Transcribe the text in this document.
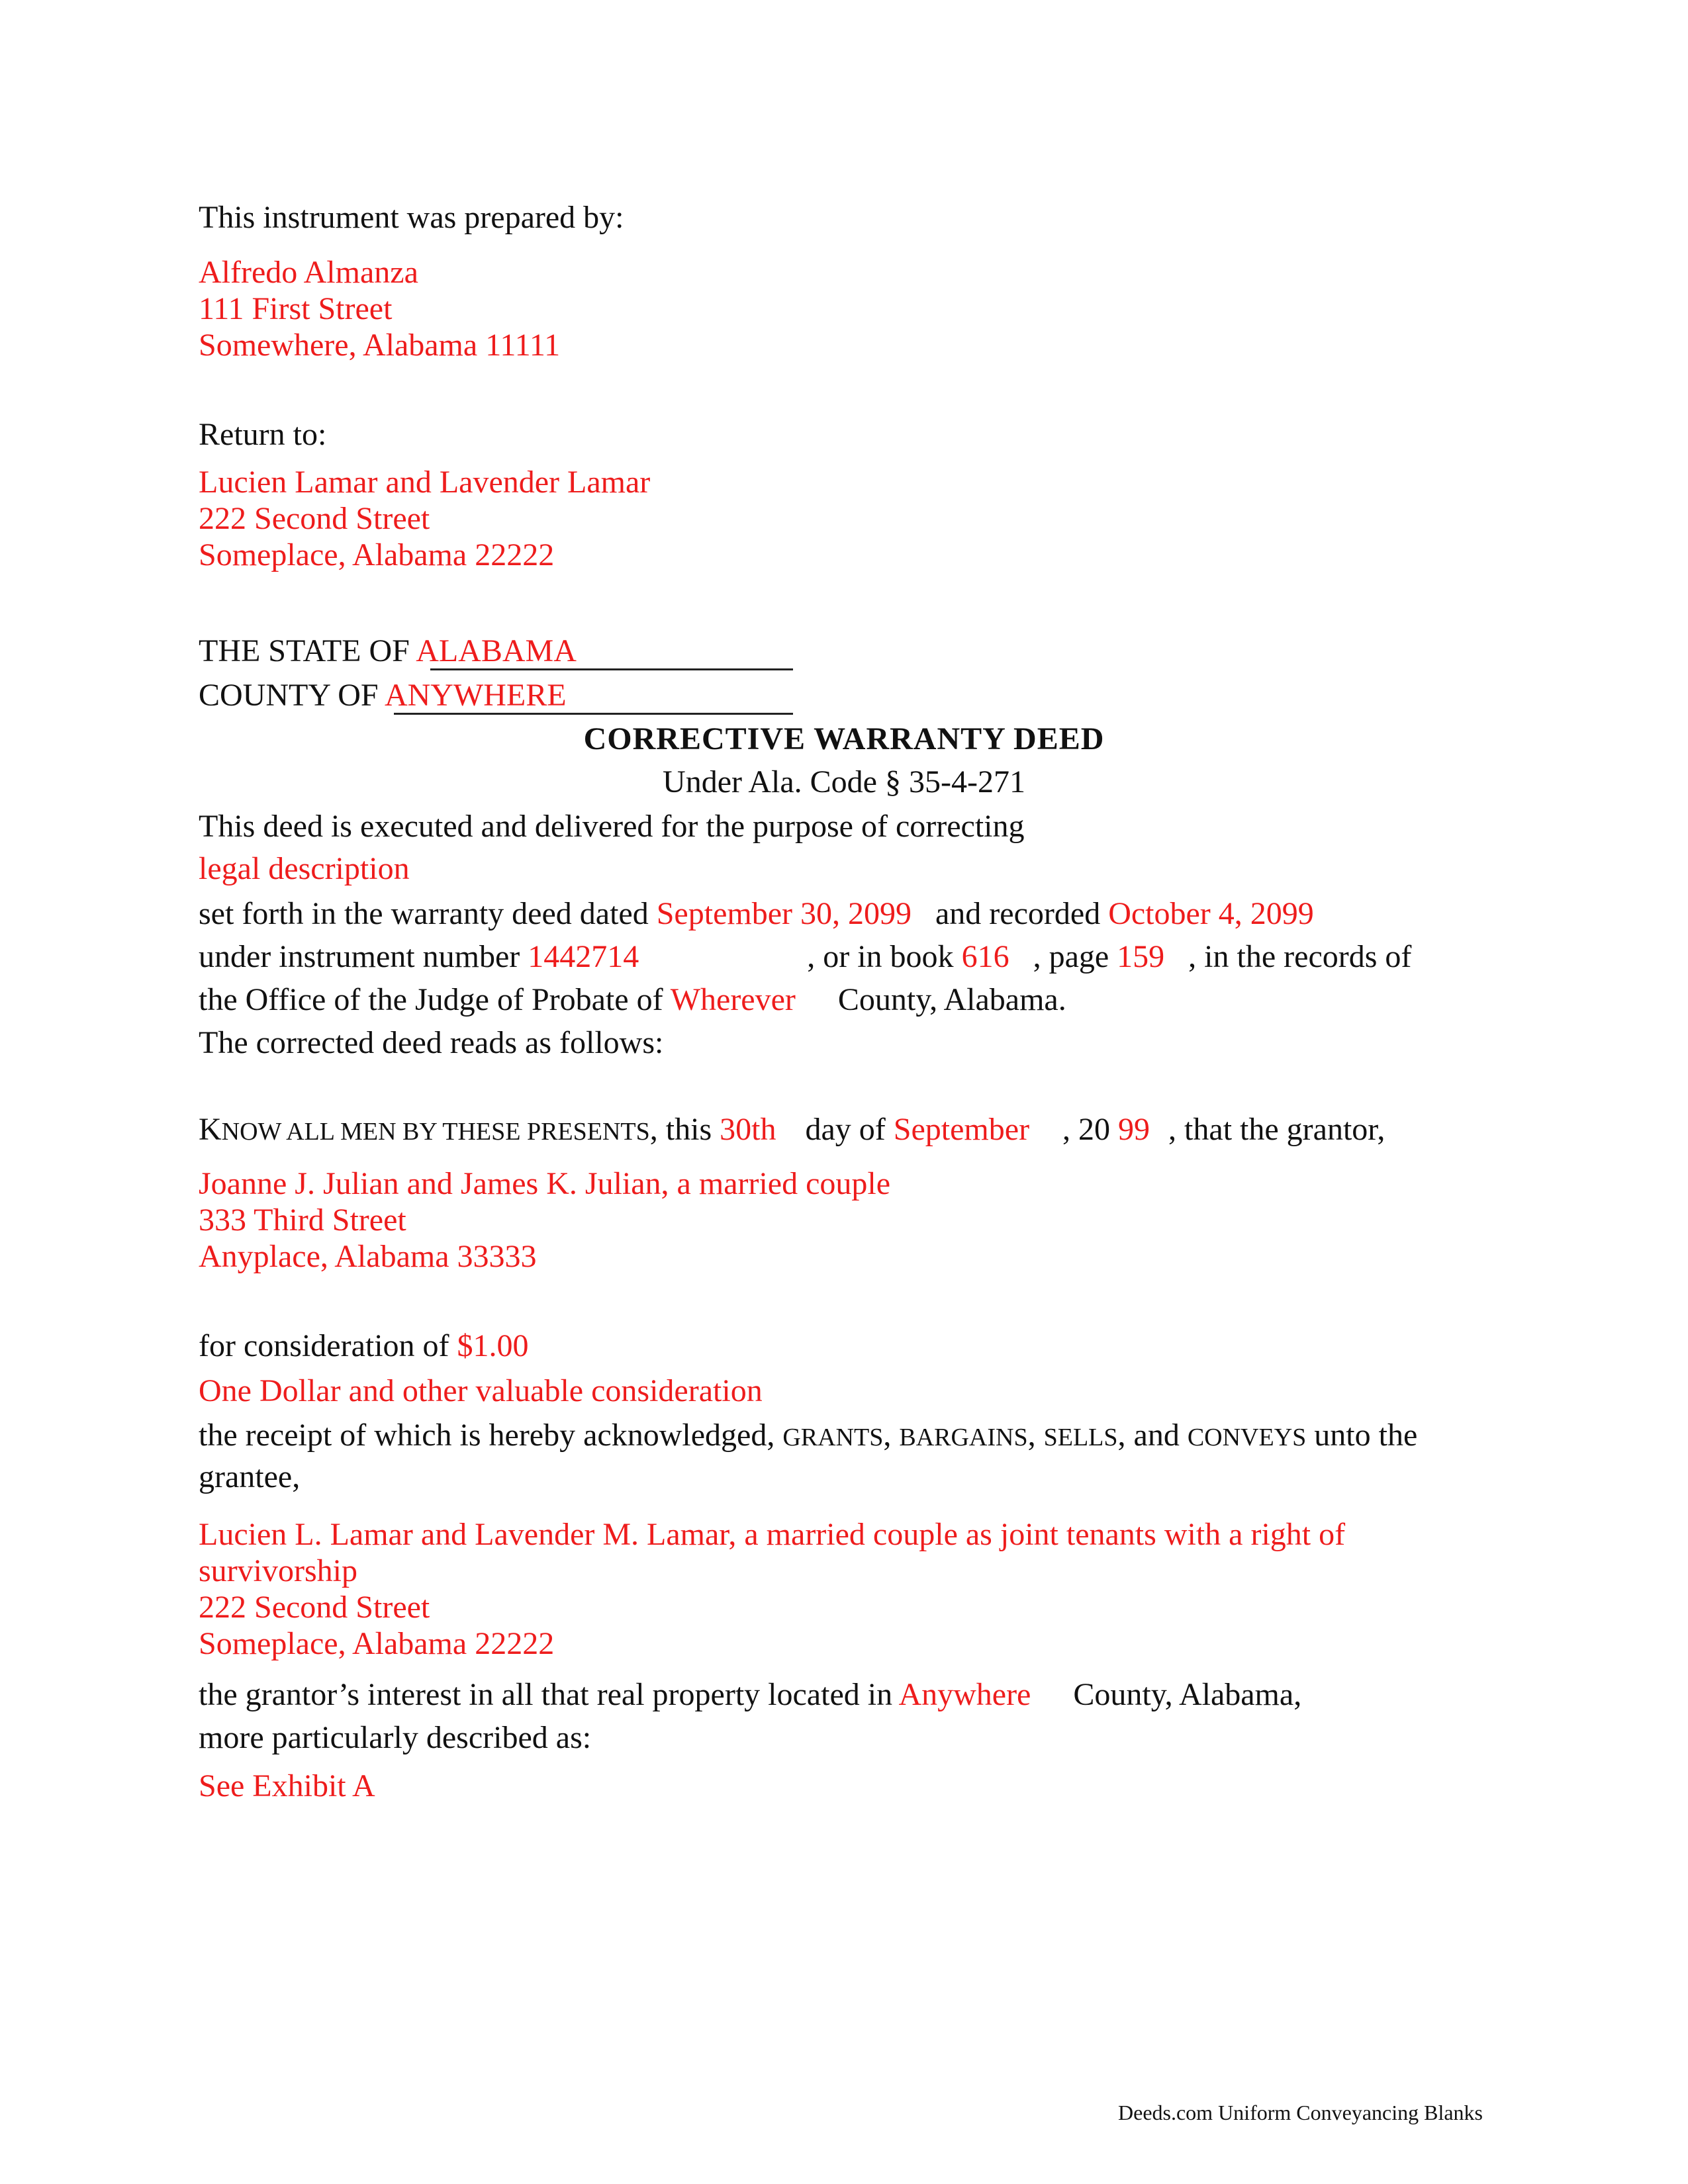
This instrument was prepared by:
Alfredo Almanza
111 First Street
Somewhere, Alabama 11111
Return to:
Lucien Lamar and Lavender Lamar
222 Second Street
Someplace, Alabama 22222
THE STATE OF ALABAMA
COUNTY OF ANYWHERE
CORRECTIVE WARRANTY DEED
Under Ala. Code § 35-4-271
This deed is executed and delivered for the purpose of correcting
legal description
set forth in the warranty deed dated September 30, 2099 and recorded October 4, 2099
under instrument number 1442714	, or in book 616 , page 159 , in the records of
the Office of the Judge of Probate of Wherever County, Alabama.
The corrected deed reads as follows:
KNOW ALL MEN BY THESE PRESENTS, this 30th day of September , 20 99 , that the grantor,
Joanne J. Julian and James K. Julian, a married couple
333 Third Street
Anyplace, Alabama 33333
for consideration of $1.00
One Dollar and other valuable consideration
the receipt of which is hereby acknowledged, GRANTS, BARGAINS, SELLS, and CONVEYS unto the
grantee,
Lucien L. Lamar and Lavender M. Lamar, a married couple as joint tenants with a right of
survivorship
222 Second Street
Someplace, Alabama 22222
the grantor’s interest in all that real property located in Anywhere County, Alabama,
more particularly described as:
See Exhibit A
Deeds.com Uniform Conveyancing Blanks
